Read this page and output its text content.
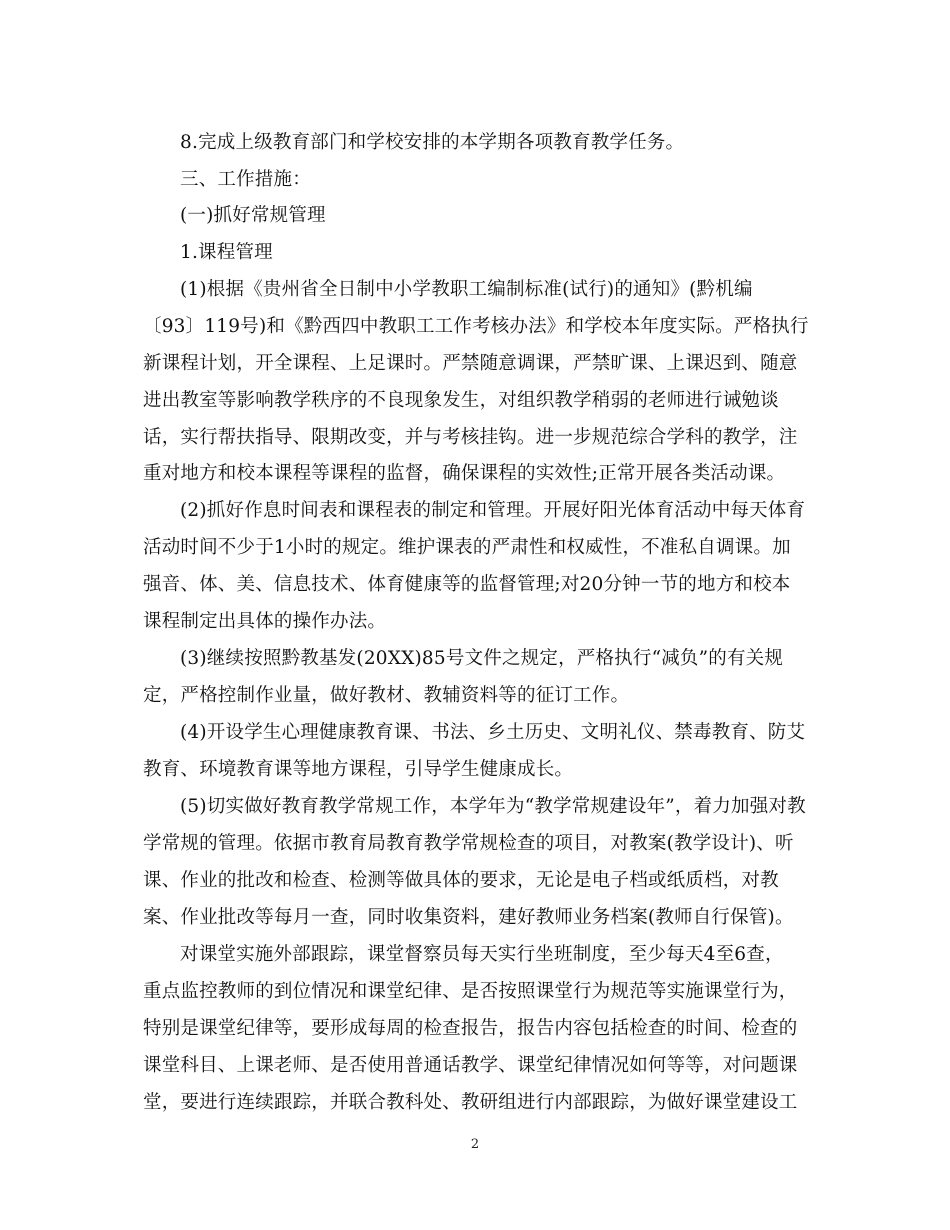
8.完成上级教育部门和学校安排的本学期各项教育教学任务。
三、工作措施：
(一)抓好常规管理
1.课程管理
(1)根据《贵州省全日制中小学教职工编制标准(试行)的通知》(黔机编
〔93〕119号)和《黔西四中教职工工作考核办法》和学校本年度实际。严格执行
新课程计划，开全课程、上足课时。严禁随意调课，严禁旷课、上课迟到、随意
进出教室等影响教学秩序的不良现象发生，对组织教学稍弱的老师进行诫勉谈
话，实行帮扶指导、限期改变，并与考核挂钩。进一步规范综合学科的教学，注
重对地方和校本课程等课程的监督，确保课程的实效性;正常开展各类活动课。
(2)抓好作息时间表和课程表的制定和管理。开展好阳光体育活动中每天体育
活动时间不少于1小时的规定。维护课表的严肃性和权威性，不准私自调课。加
强音、体、美、信息技术、体育健康等的监督管理;对20分钟一节的地方和校本
课程制定出具体的操作办法。
(3)继续按照黔教基发(20XX)85号文件之规定，严格执行“减负”的有关规
定，严格控制作业量，做好教材、教辅资料等的征订工作。
(4)开设学生心理健康教育课、书法、乡土历史、文明礼仪、禁毒教育、防艾
教育、环境教育课等地方课程，引导学生健康成长。
(5)切实做好教育教学常规工作，本学年为“教学常规建设年”，着力加强对教
学常规的管理。依据市教育局教育教学常规检查的项目，对教案(教学设计)、听
课、作业的批改和检查、检测等做具体的要求，无论是电子档或纸质档，对教
案、作业批改等每月一查，同时收集资料，建好教师业务档案(教师自行保管)。
对课堂实施外部跟踪，课堂督察员每天实行坐班制度，至少每天4至6查，
重点监控教师的到位情况和课堂纪律、是否按照课堂行为规范等实施课堂行为，
特别是课堂纪律等，要形成每周的检查报告，报告内容包括检查的时间、检查的
课堂科目、上课老师、是否使用普通话教学、课堂纪律情况如何等等，对问题课
堂，要进行连续跟踪，并联合教科处、教研组进行内部跟踪，为做好课堂建设工
2
